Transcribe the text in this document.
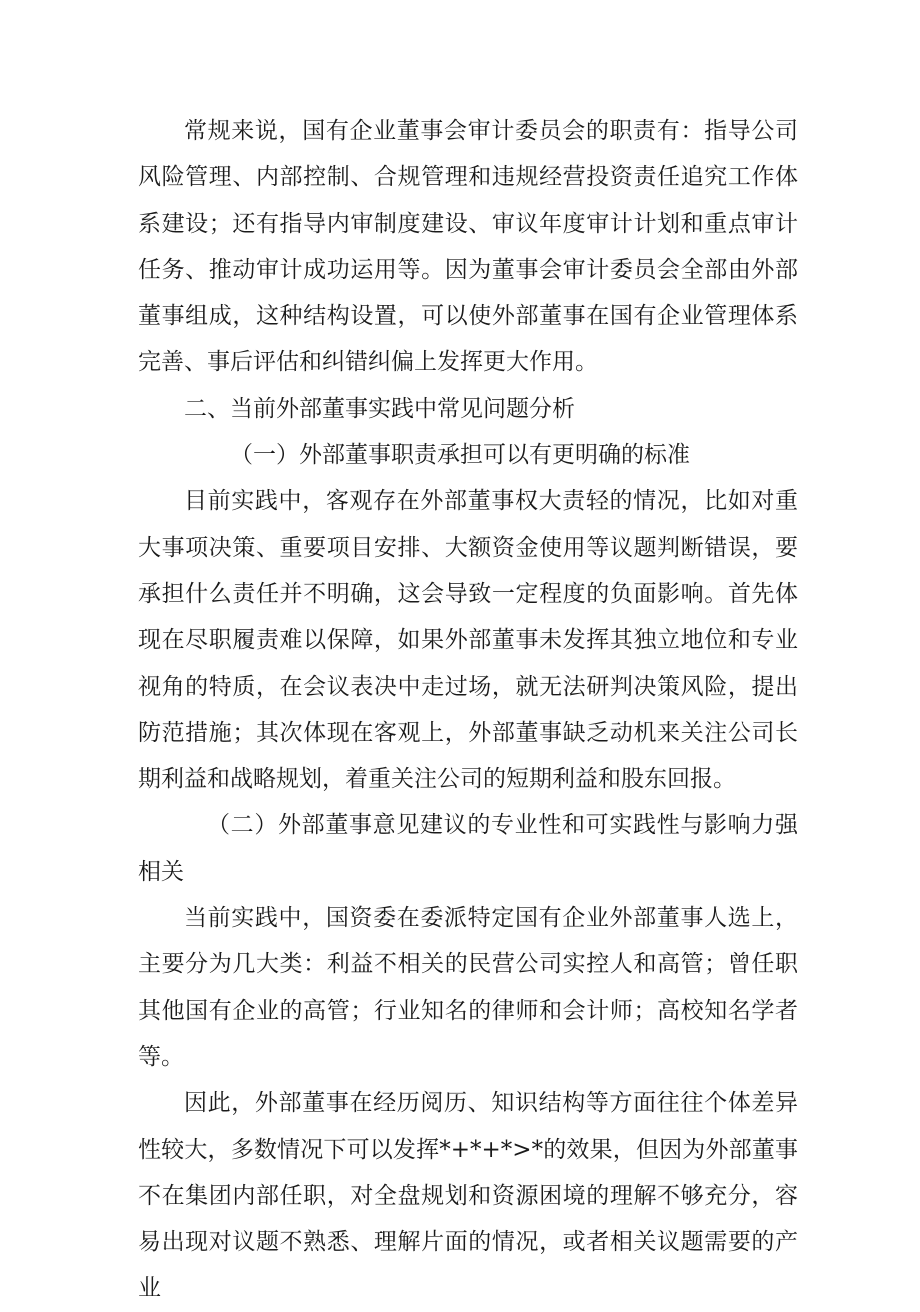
常规来说，国有企业董事会审计委员会的职责有：指导公司风险管理、内部控制、合规管理和违规经营投资责任追究工作体系建设；还有指导内审制度建设、审议年度审计计划和重点审计任务、推动审计成功运用等。因为董事会审计委员会全部由外部董事组成，这种结构设置，可以使外部董事在国有企业管理体系完善、事后评估和纠错纠偏上发挥更大作用。

二、当前外部董事实践中常见问题分析

（一）外部董事职责承担可以有更明确的标准

目前实践中，客观存在外部董事权大责轻的情况，比如对重大事项决策、重要项目安排、大额资金使用等议题判断错误，要承担什么责任并不明确，这会导致一定程度的负面影响。首先体现在尽职履责难以保障，如果外部董事未发挥其独立地位和专业视角的特质，在会议表决中走过场，就无法研判决策风险，提出防范措施；其次体现在客观上，外部董事缺乏动机来关注公司长期利益和战略规划，着重关注公司的短期利益和股东回报。

（二）外部董事意见建议的专业性和可实践性与影响力强相关

当前实践中，国资委在委派特定国有企业外部董事人选上，主要分为几大类：利益不相关的民营公司实控人和高管；曾任职其他国有企业的高管；行业知名的律师和会计师；高校知名学者等。

因此，外部董事在经历阅历、知识结构等方面往往个体差异性较大，多数情况下可以发挥*+*+*>*的效果，但因为外部董事不在集团内部任职，对全盘规划和资源困境的理解不够充分，容易出现对议题不熟悉、理解片面的情况，或者相关议题需要的产业
